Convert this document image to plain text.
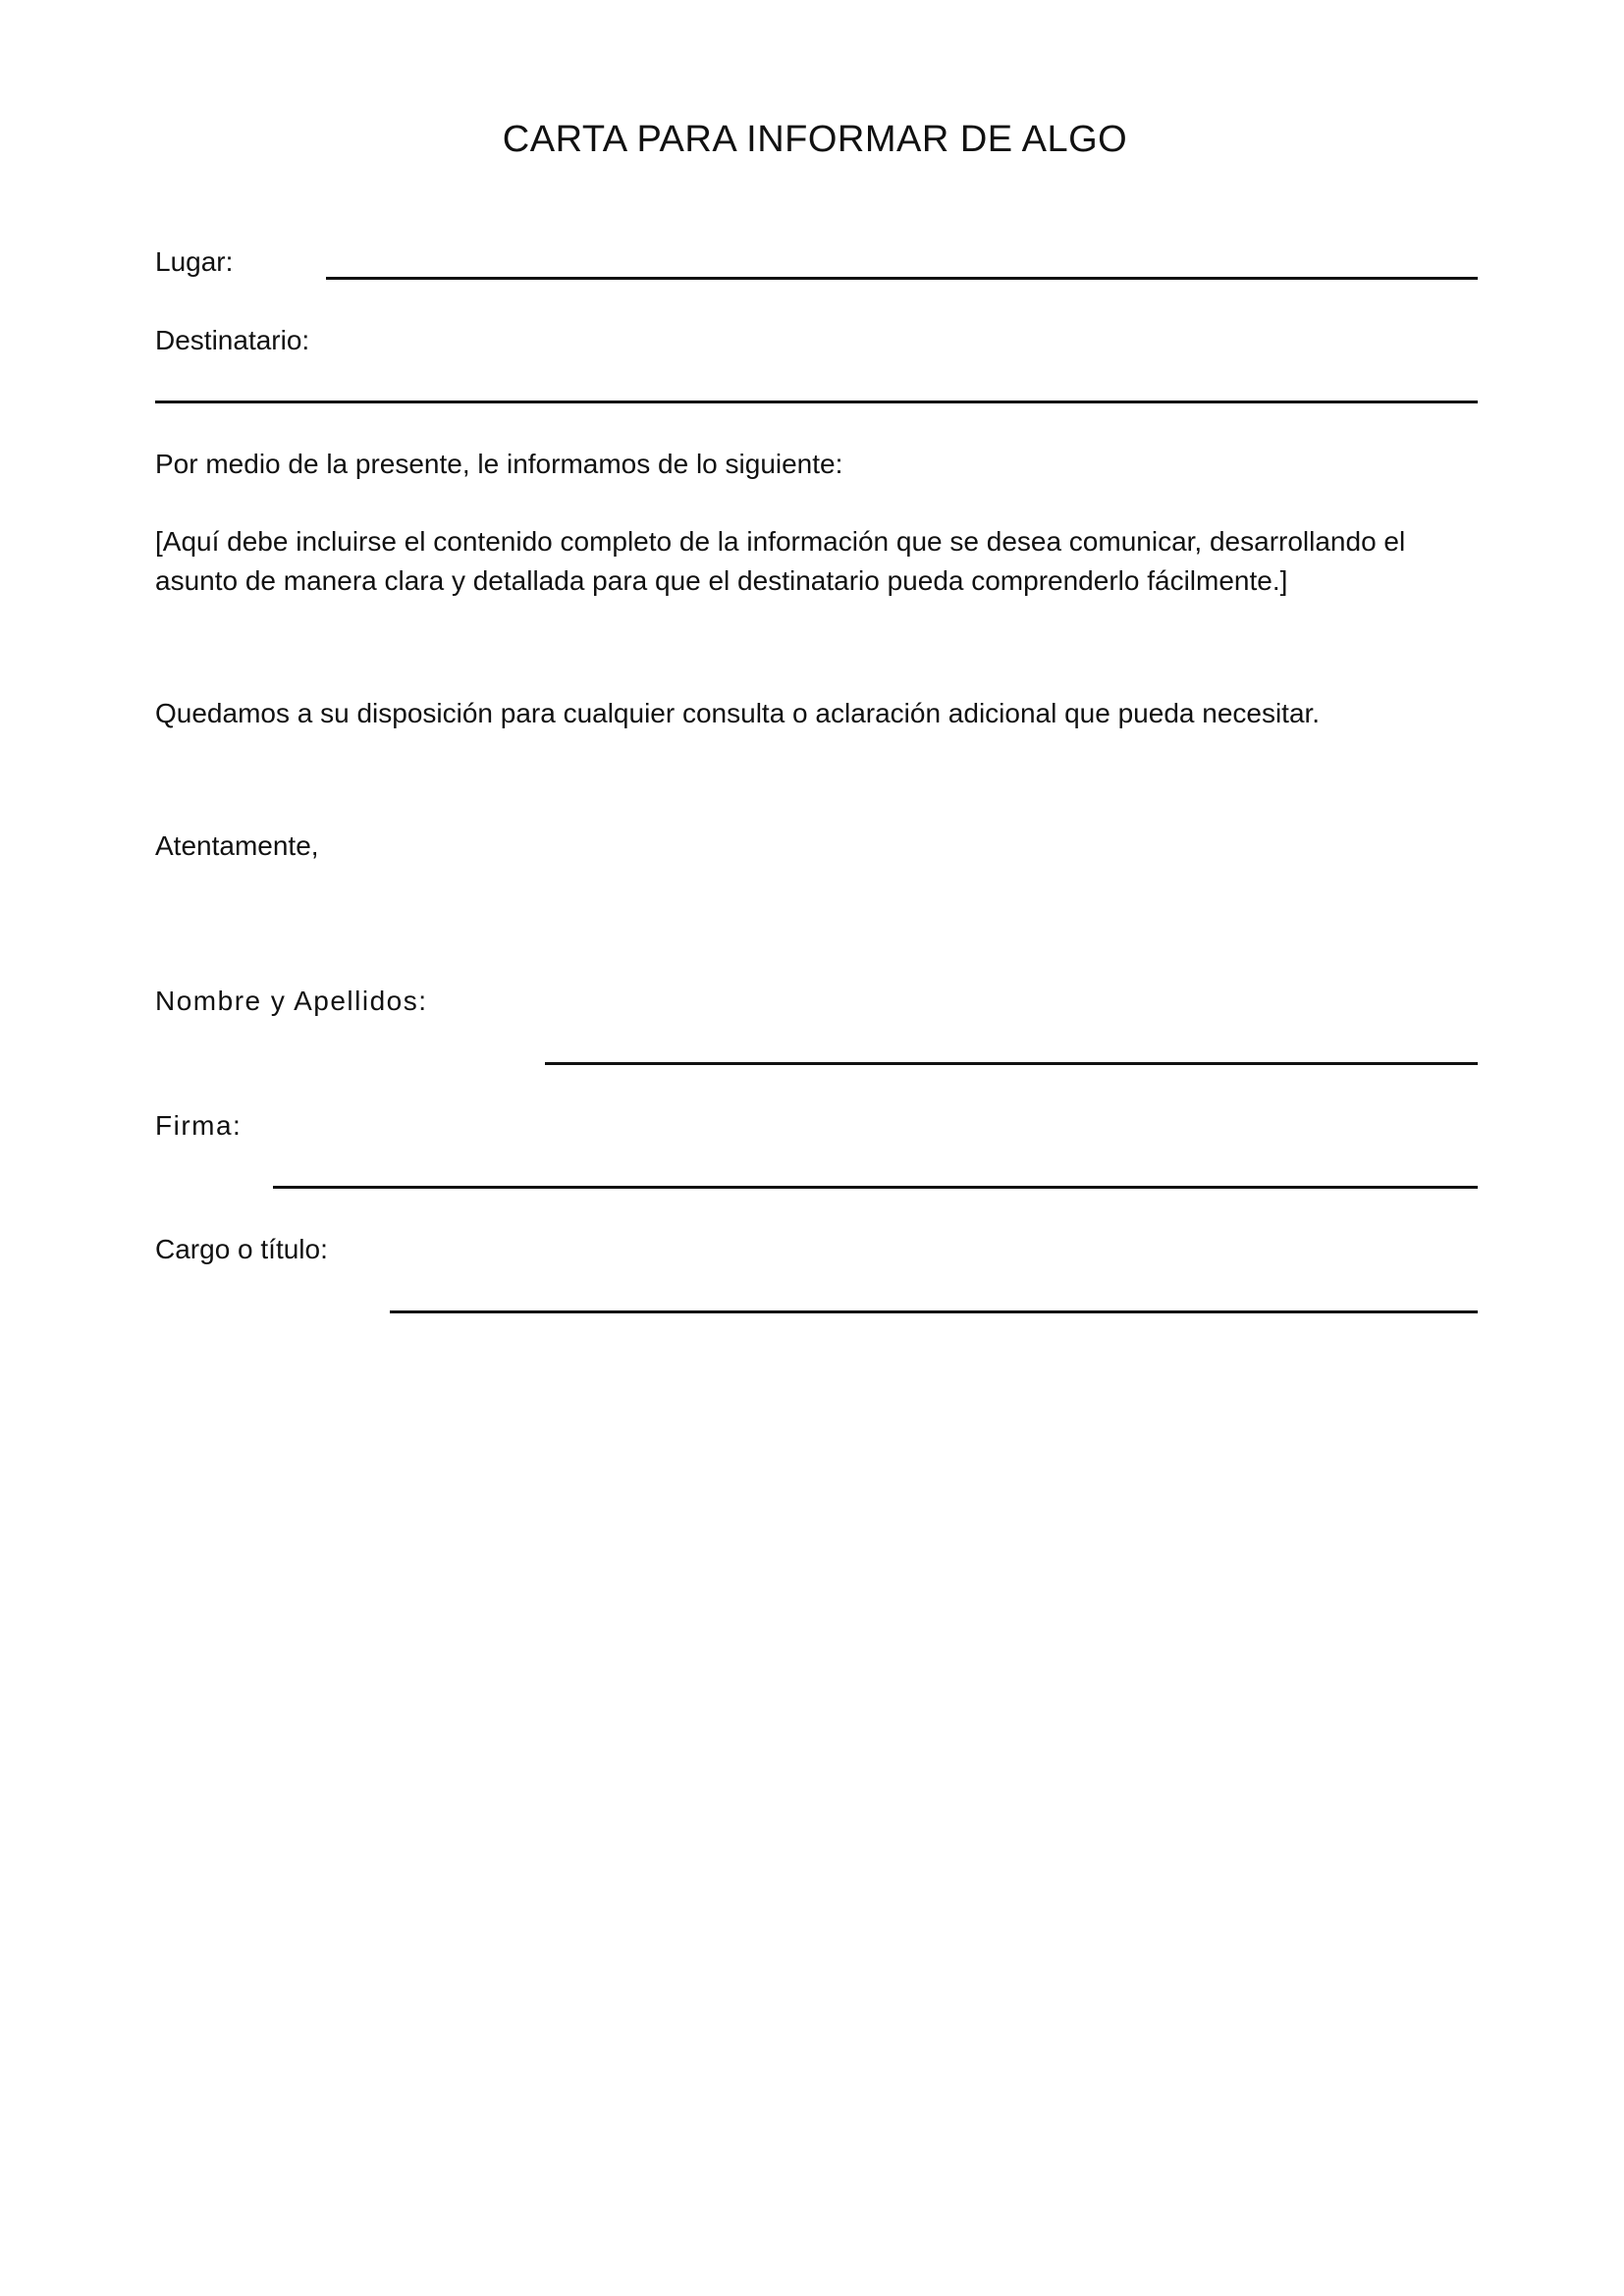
CARTA PARA INFORMAR DE ALGO
Lugar:
Destinatario:
Por medio de la presente, le informamos de lo siguiente:
[Aquí debe incluirse el contenido completo de la información que se desea comunicar, desarrollando el asunto de manera clara y detallada para que el destinatario pueda comprenderlo fácilmente.]
Quedamos a su disposición para cualquier consulta o aclaración adicional que pueda necesitar.
Atentamente,
Nombre y Apellidos:
Firma:
Cargo o título:
